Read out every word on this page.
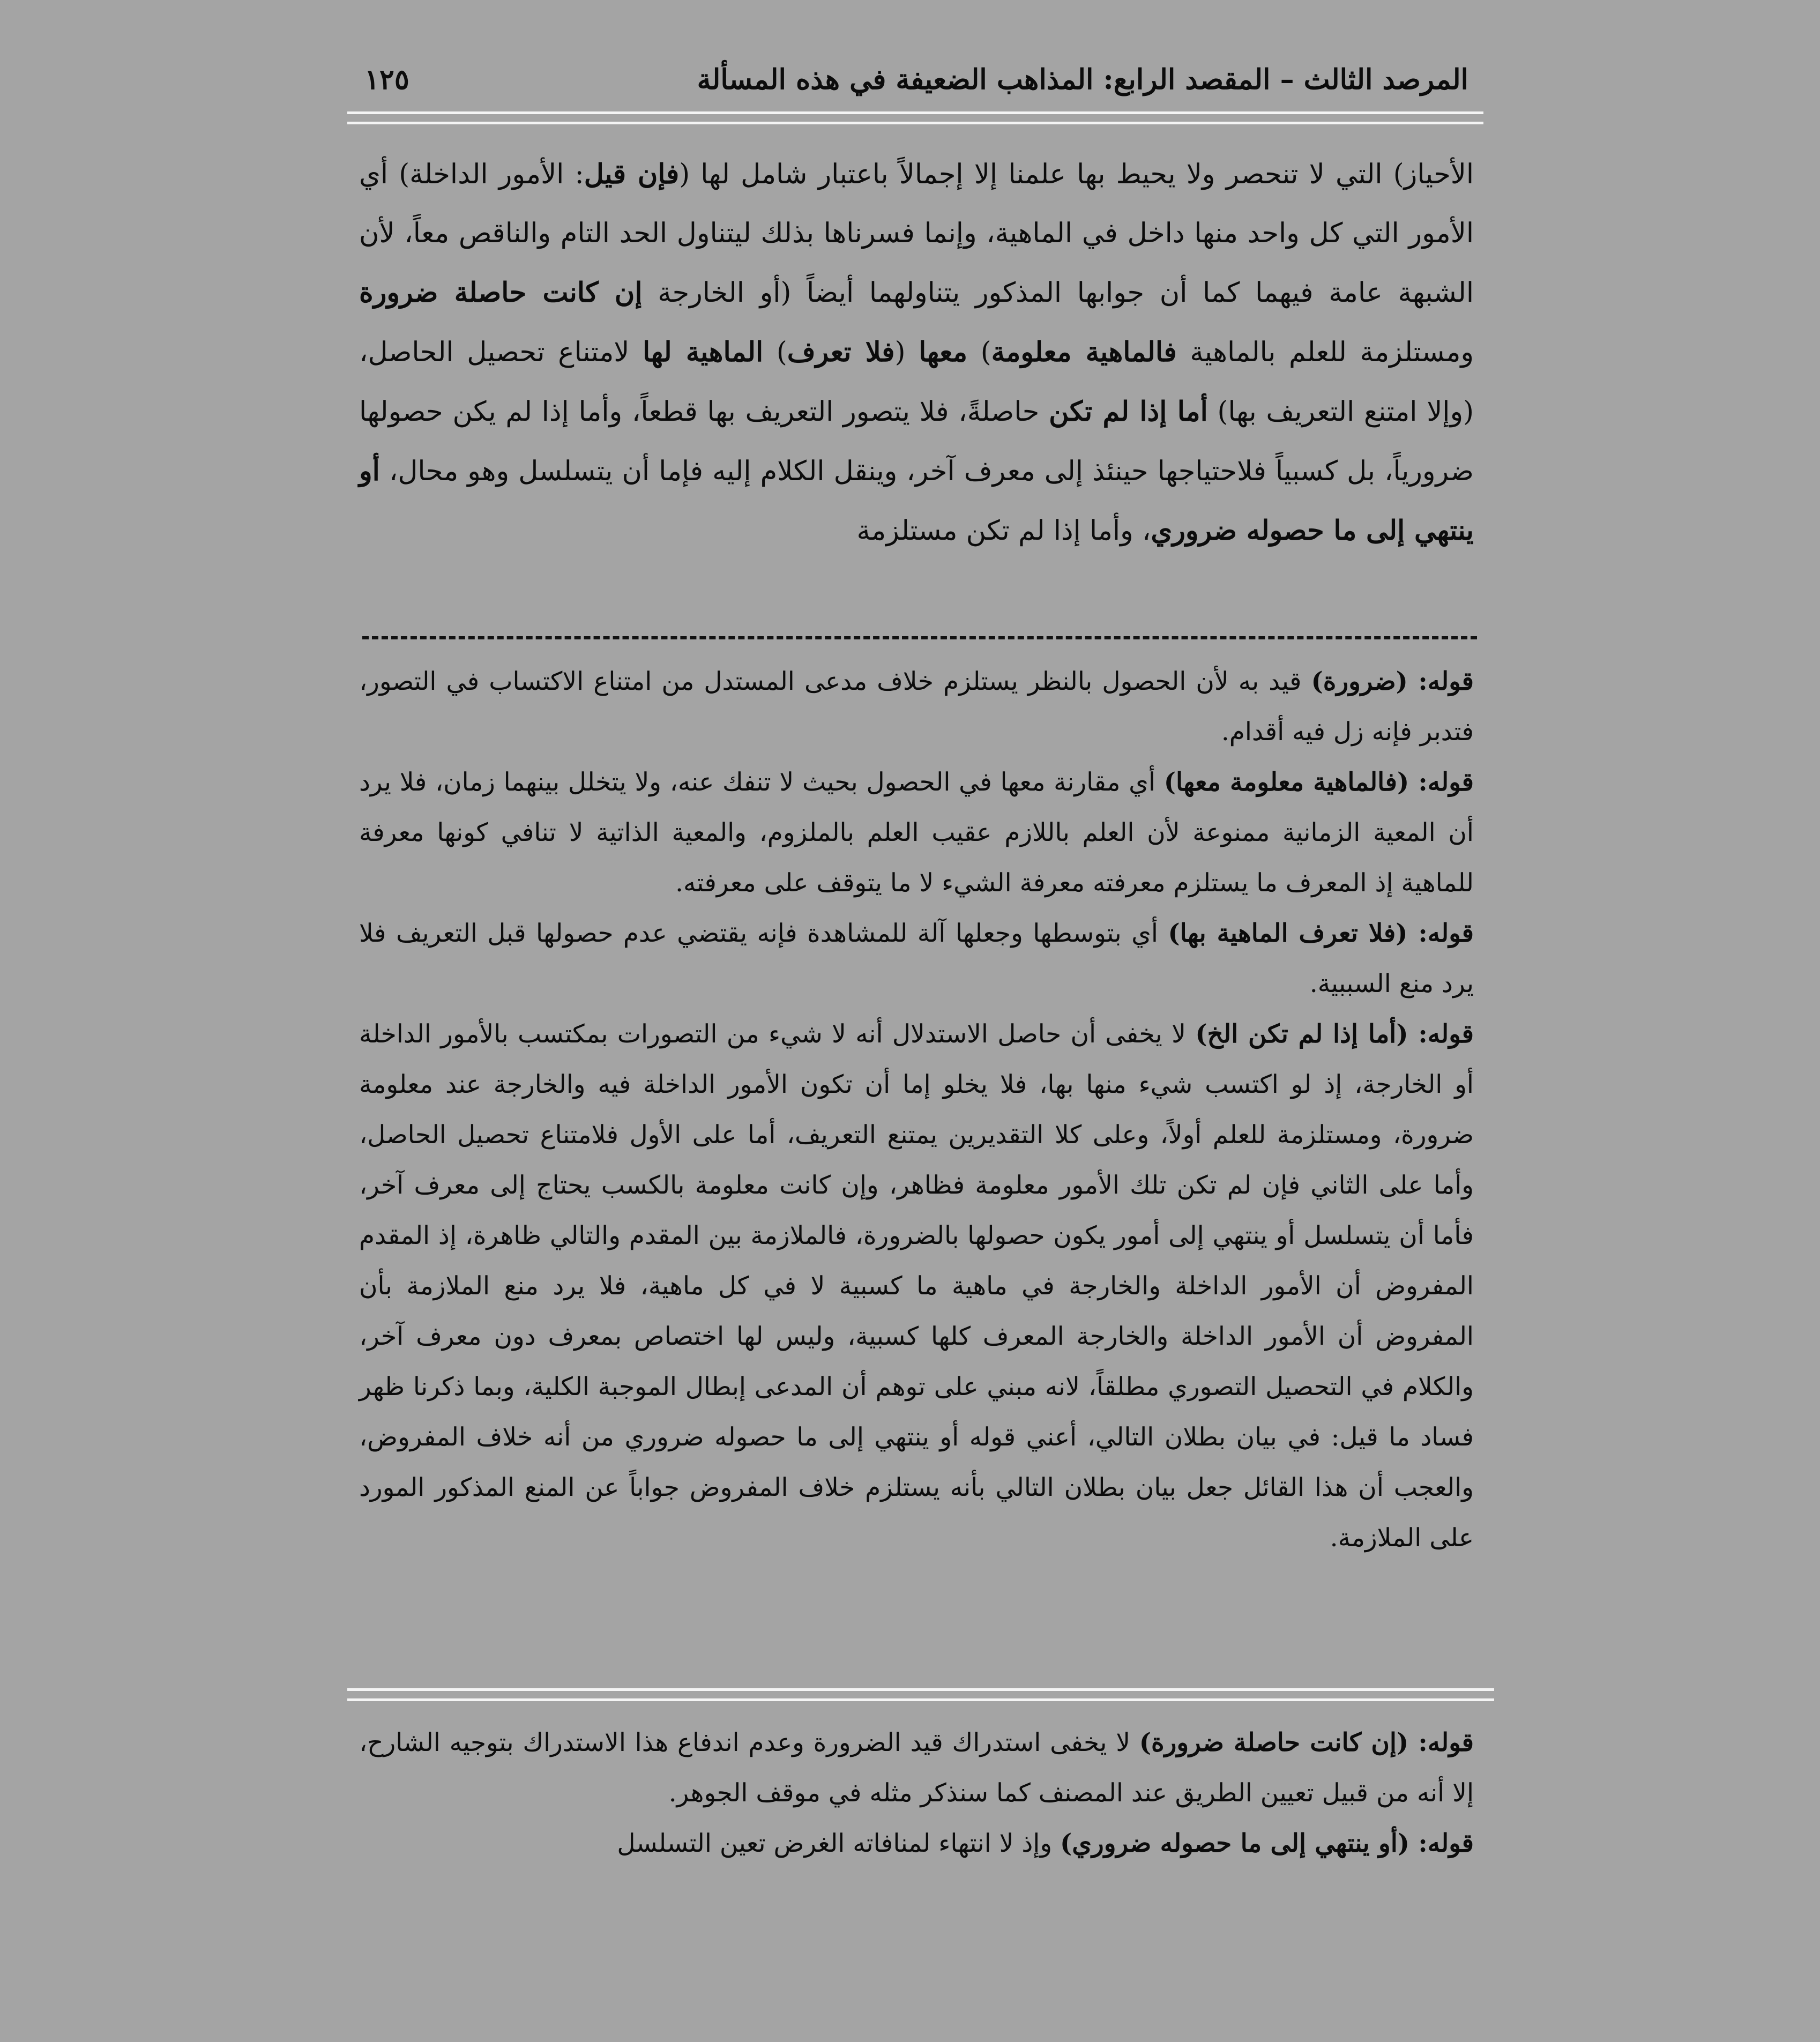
المرصد الثالث – المقصد الرابع: المذاهب الضعيفة في هذه المسألة
١٢٥
الأحياز) التي لا تنحصر ولا يحيط بها علمنا إلا إجمالاً باعتبار شامل لها (فإن قيل: الأمور الداخلة) أي الأمور التي كل واحد منها داخل في الماهية، وإنما فسرناها بذلك ليتناول الحد التام والناقص معاً، لأن الشبهة عامة فيهما كما أن جوابها المذكور يتناولهما أيضاً (أو الخارجة إن كانت حاصلة ضرورة ومستلزمة للعلم بالماهية فالماهية معلومة) معها (فلا تعرف) الماهية لها لامتناع تحصيل الحاصل، (وإلا امتنع التعريف بها) أما إذا لم تكن حاصلةً، فلا يتصور التعريف بها قطعاً، وأما إذا لم يكن حصولها ضرورياً، بل كسبياً فلاحتياجها حينئذ إلى معرف آخر، وينقل الكلام إليه فإما أن يتسلسل وهو محال، أو ينتهي إلى ما حصوله ضروري، وأما إذا لم تكن مستلزمة

قوله: (ضرورة) قيد به لأن الحصول بالنظر يستلزم خلاف مدعى المستدل من امتناع الاكتساب في التصور، فتدبر فإنه زل فيه أقدام.

قوله: (فالماهية معلومة معها) أي مقارنة معها في الحصول بحيث لا تنفك عنه، ولا يتخلل بينهما زمان، فلا يرد أن المعية الزمانية ممنوعة لأن العلم باللازم عقيب العلم بالملزوم، والمعية الذاتية لا تنافي كونها معرفة للماهية إذ المعرف ما يستلزم معرفته معرفة الشيء لا ما يتوقف على معرفته.

قوله: (فلا تعرف الماهية بها) أي بتوسطها وجعلها آلة للمشاهدة فإنه يقتضي عدم حصولها قبل التعريف فلا يرد منع السببية.

قوله: (أما إذا لم تكن الخ) لا يخفى أن حاصل الاستدلال أنه لا شيء من التصورات بمكتسب بالأمور الداخلة أو الخارجة، إذ لو اكتسب شيء منها بها، فلا يخلو إما أن تكون الأمور الداخلة فيه والخارجة عند معلومة ضرورة، ومستلزمة للعلم أولاً، وعلى كلا التقديرين يمتنع التعريف، أما على الأول فلامتناع تحصيل الحاصل، وأما على الثاني فإن لم تكن تلك الأمور معلومة فظاهر، وإن كانت معلومة بالكسب يحتاج إلى معرف آخر، فأما أن يتسلسل أو ينتهي إلى أمور يكون حصولها بالضرورة، فالملازمة بين المقدم والتالي ظاهرة، إذ المقدم المفروض أن الأمور الداخلة والخارجة في ماهية ما كسبية لا في كل ماهية، فلا يرد منع الملازمة بأن المفروض أن الأمور الداخلة والخارجة المعرف كلها كسبية، وليس لها اختصاص بمعرف دون معرف آخر، والكلام في التحصيل التصوري مطلقاً، لانه مبني على توهم أن المدعى إبطال الموجبة الكلية، وبما ذكرنا ظهر فساد ما قيل: في بيان بطلان التالي، أعني قوله أو ينتهي إلى ما حصوله ضروري من أنه خلاف المفروض، والعجب أن هذا القائل جعل بيان بطلان التالي بأنه يستلزم خلاف المفروض جواباً عن المنع المذكور المورد على الملازمة.

قوله: (إن كانت حاصلة ضرورة) لا يخفى استدراك قيد الضرورة وعدم اندفاع هذا الاستدراك بتوجيه الشارح، إلا أنه من قبيل تعيين الطريق عند المصنف كما سنذكر مثله في موقف الجوهر.

قوله: (أو ينتهي إلى ما حصوله ضروري) وإذ لا انتهاء لمنافاته الغرض تعين التسلسل
